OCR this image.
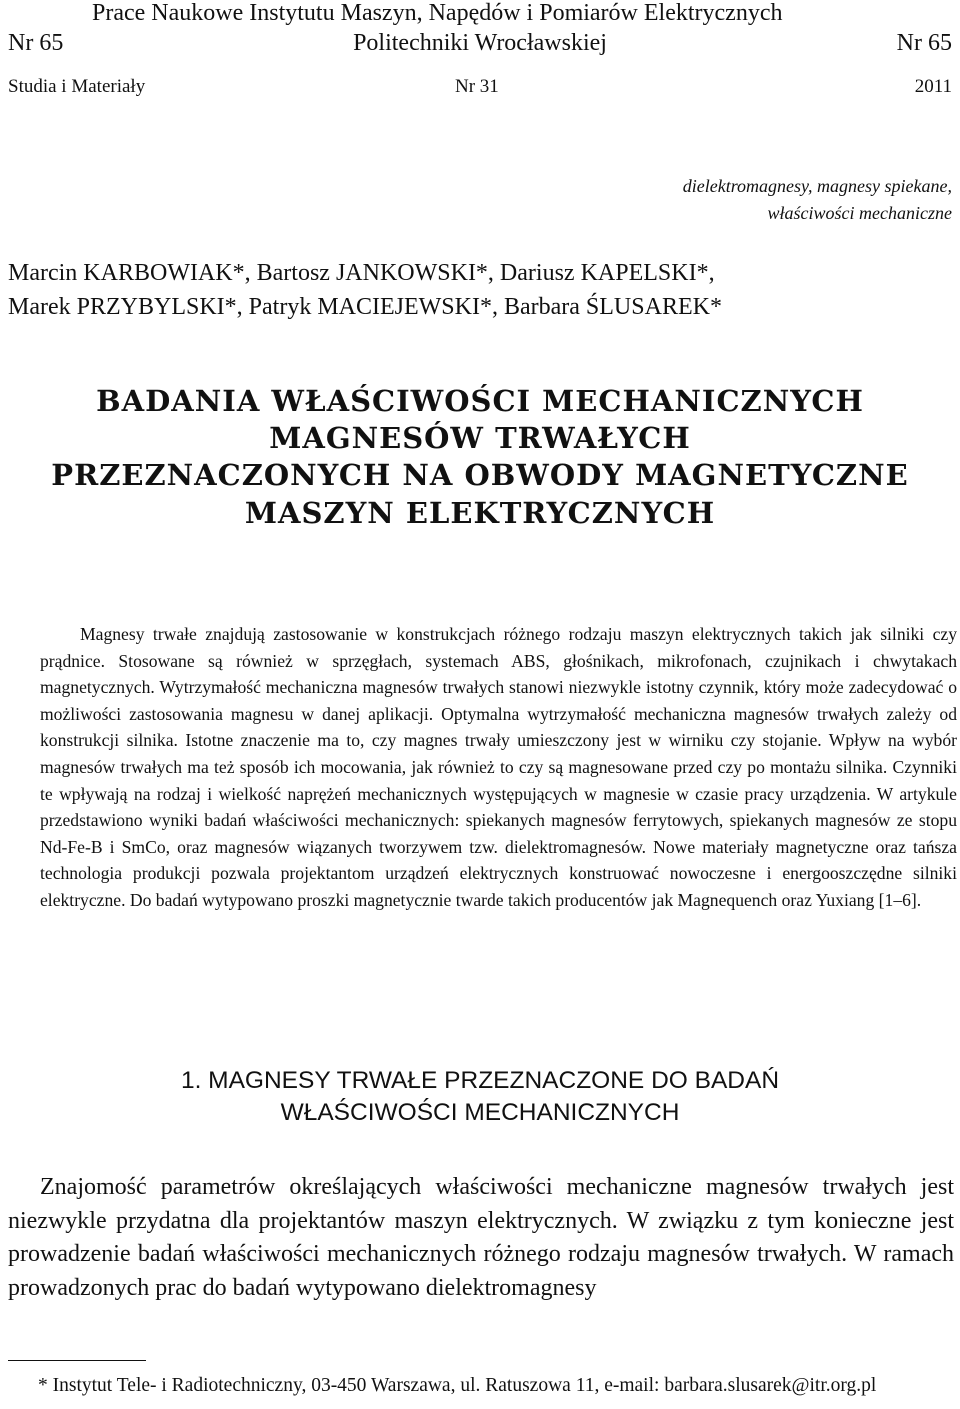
Prace Naukowe Instytutu Maszyn, Napędów i Pomiarów Elektrycznych
Nr 65	Politechniki Wrocławskiej	Nr 65
Studia i Materiały	Nr 31	2011
dielektromagnesy, magnesy spiekane,
właściwości mechaniczne
Marcin KARBOWIAK*, Bartosz JANKOWSKI*, Dariusz KAPELSKI*,
Marek PRZYBYLSKI*, Patryk MACIEJEWSKI*, Barbara ŚLUSAREK*
BADANIA WŁAŚCIWOŚCI MECHANICZNYCH
MAGNESÓW TRWAŁYCH
PRZEZNACZONYCH NA OBWODY MAGNETYCZNE
MASZYN ELEKTRYCZNYCH
Magnesy trwałe znajdują zastosowanie w konstrukcjach różnego rodzaju maszyn elektrycznych takich jak silniki czy prądnice. Stosowane są również w sprzęgłach, systemach ABS, głośnikach, mikrofonach, czujnikach i chwytakach magnetycznych. Wytrzymałość mechaniczna magnesów trwałych stanowi niezwykle istotny czynnik, który może zadecydować o możliwości zastosowania magnesu w danej aplikacji. Optymalna wytrzymałość mechaniczna magnesów trwałych zależy od konstrukcji silnika. Istotne znaczenie ma to, czy magnes trwały umieszczony jest w wirniku czy stojanie. Wpływ na wybór magnesów trwałych ma też sposób ich mocowania, jak również to czy są magnesowane przed czy po montażu silnika. Czynniki te wpływają na rodzaj i wielkość naprężeń mechanicznych występujących w magnesie w czasie pracy urządzenia. W artykule przedstawiono wyniki badań właściwości mechanicznych: spiekanych magnesów ferrytowych, spiekanych magnesów ze stopu Nd-Fe-B i SmCo, oraz magnesów wiązanych tworzywem tzw. dielektromagnesów. Nowe materiały magnetyczne oraz tańsza technologia produkcji pozwala projektantom urządzeń elektrycznych konstruować nowoczesne i energooszczędne silniki elektryczne. Do badań wytypowano proszki magnetycznie twarde takich producentów jak Magnequench oraz Yuxiang [1–6].
1. MAGNESY TRWAŁE PRZEZNACZONE DO BADAŃ
WŁAŚCIWOŚCI MECHANICZNYCH
Znajomość parametrów określających właściwości mechaniczne magnesów trwałych jest niezwykle przydatna dla projektantów maszyn elektrycznych. W związku z tym konieczne jest prowadzenie badań właściwości mechanicznych różnego rodzaju magnesów trwałych. W ramach prowadzonych prac do badań wytypowano dielektromagnesy
* Instytut Tele- i Radiotechniczny, 03-450 Warszawa, ul. Ratuszowa 11, e-mail: barbara.slusarek@itr.org.pl
